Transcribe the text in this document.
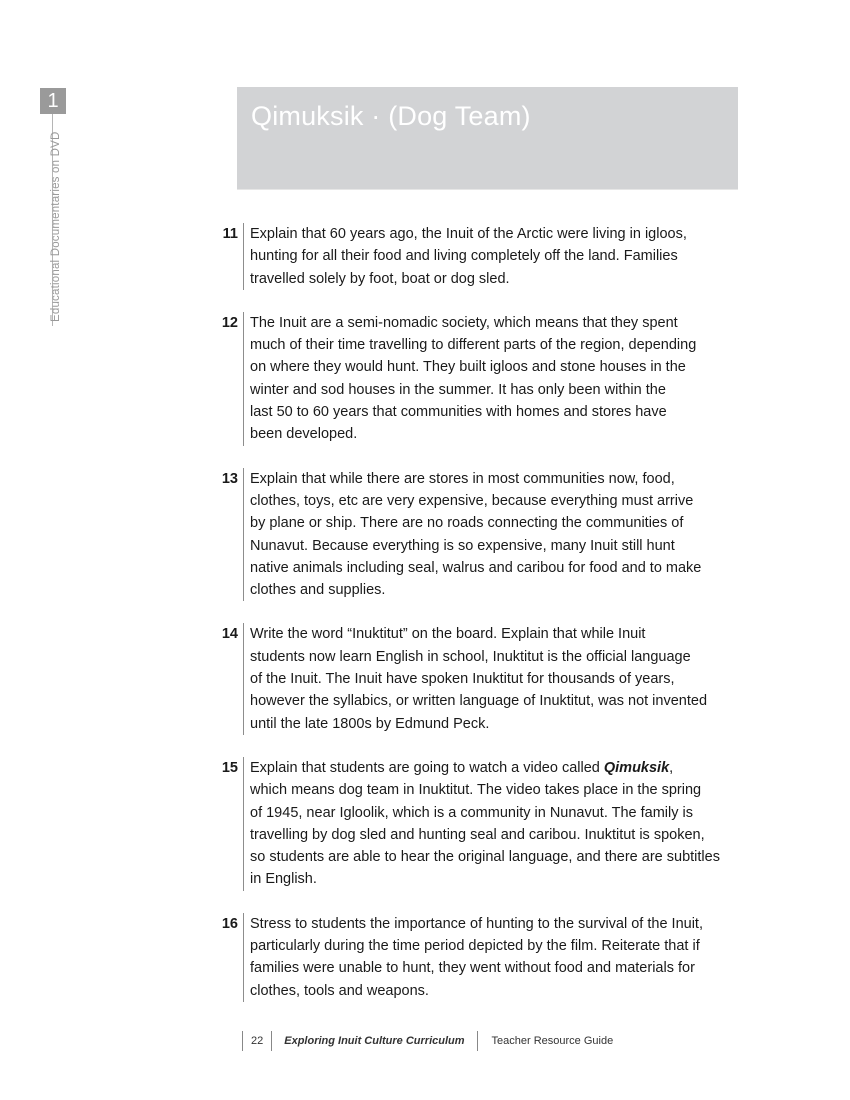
1
Educational Documentaries on DVD
Qimuksik · (Dog Team)
11 Explain that 60 years ago, the Inuit of the Arctic were living in igloos,
hunting for all their food and living completely off the land. Families
travelled solely by foot, boat or dog sled.
12 The Inuit are a semi-nomadic society, which means that they spent
much of their time travelling to different parts of the region, depending
on where they would hunt. They built igloos and stone houses in the
winter and sod houses in the summer. It has only been within the
last 50 to 60 years that communities with homes and stores have
been developed.
13 Explain that while there are stores in most communities now, food,
clothes, toys, etc are very expensive, because everything must arrive
by plane or ship. There are no roads connecting the communities of
Nunavut. Because everything is so expensive, many Inuit still hunt
native animals including seal, walrus and caribou for food and to make
clothes and supplies.
14 Write the word “Inuktitut” on the board. Explain that while Inuit
students now learn English in school, Inuktitut is the official language
of the Inuit. The Inuit have spoken Inuktitut for thousands of years,
however the syllabics, or written language of Inuktitut, was not invented
until the late 1800s by Edmund Peck.
15 Explain that students are going to watch a video called Qimuksik,
which means dog team in Inuktitut. The video takes place in the spring
of 1945, near Igloolik, which is a community in Nunavut. The family is
travelling by dog sled and hunting seal and caribou. Inuktitut is spoken,
so students are able to hear the original language, and there are subtitles
in English.
16 Stress to students the importance of hunting to the survival of the Inuit,
particularly during the time period depicted by the film. Reiterate that if
families were unable to hunt, they went without food and materials for
clothes, tools and weapons.
22	Exploring Inuit Culture Curriculum	Teacher Resource Guide
